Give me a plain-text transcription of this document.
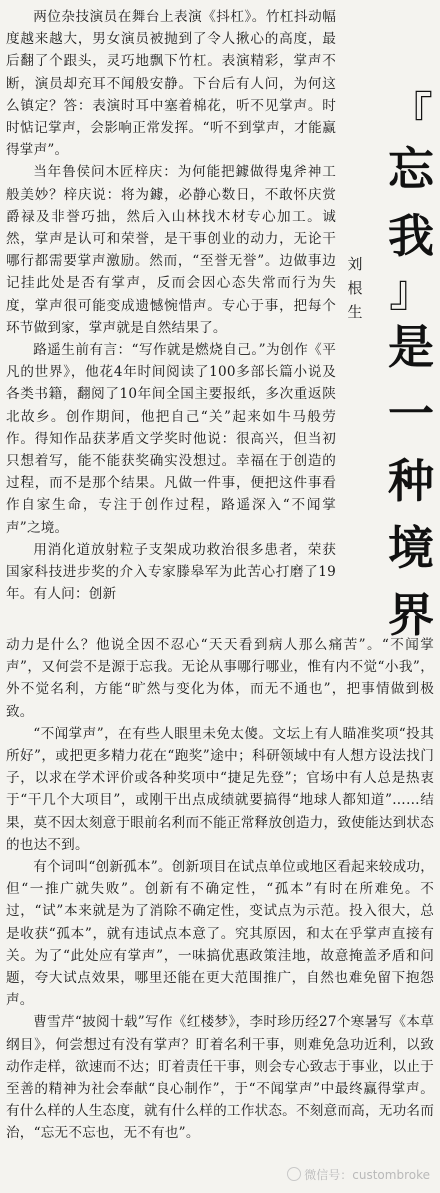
两位杂技演员在舞台上表演《抖杠》。竹杠抖动幅度越来越大，男女演员被抛到了令人揪心的高度，最后翻了个跟头，灵巧地飘下竹杠。表演精彩，掌声不断，演员却充耳不闻般安静。下台后有人问，为何这么镇定？答：表演时耳中塞着棉花，听不见掌声。时时惦记掌声，会影响正常发挥。“听不到掌声，才能赢得掌声”。

当年鲁侯问木匠梓庆：为何能把鐻做得鬼斧神工般美妙？梓庆说：将为鐻，必静心数日，不敢怀庆赏爵禄及非誉巧拙，然后入山林找木材专心加工。诚然，掌声是认可和荣誉，是干事创业的动力，无论干哪行都需要掌声激励。然而，“至誉无誉”。边做事边记挂此处是否有掌声，反而会因心态失常而行为失度，掌声很可能变成遗憾惋惜声。专心于事，把每个环节做到家，掌声就是自然结果了。

路遥生前有言：“写作就是燃烧自己。”为创作《平凡的世界》，他花4年时间阅读了100多部长篇小说及各类书籍，翻阅了10年间全国主要报纸，多次重返陕北故乡。创作期间，他把自己“关”起来如牛马般劳作。得知作品获茅盾文学奖时他说：很高兴，但当初只想着写，能不能获奖确实没想过。幸福在于创造的过程，而不是那个结果。凡做一件事，便把这件事看作自家生命，专注于创作过程，路遥深入“不闻掌声”之境。

用消化道放射粒子支架成功救治很多患者，荣获国家科技进步奖的介入专家滕皋军为此苦心打磨了19年。有人问：创新

『
忘我
』
是一种境界
刘根生

动力是什么？他说全因不忍心“天天看到病人那么痛苦”。“不闻掌声”，又何尝不是源于忘我。无论从事哪行哪业，惟有内不觉“小我”，外不觉名利，方能“旷然与变化为体，而无不通也”，把事情做到极致。

“不闻掌声”，在有些人眼里未免太傻。文坛上有人瞄准奖项“投其所好”，或把更多精力花在“跑奖”途中；科研领域中有人想方设法找门子，以求在学术评价或各种奖项中“捷足先登”；官场中有人总是热衷于“干几个大项目”，或刚干出点成绩就要搞得“地球人都知道”……结果，莫不因太刻意于眼前名利而不能正常释放创造力，致使能达到状态的也达不到。

有个词叫“创新孤本”。创新项目在试点单位或地区看起来较成功，但“一推广就失败”。创新有不确定性，“孤本”有时在所难免。不过，“试”本来就是为了消除不确定性，变试点为示范。投入很大，总是收获“孤本”，就有违试点本意了。究其原因，和太在乎掌声直接有关。为了“此处应有掌声”，一味搞优惠政策洼地，故意掩盖矛盾和问题，夸大试点效果，哪里还能在更大范围推广，自然也难免留下抱怨声。

曹雪芹“披阅十载”写作《红楼梦》，李时珍历经27个寒暑写《本草纲目》，何尝想过有没有掌声？盯着名利干事，则难免急功近利，以致动作走样，欲速而不达；盯着责任干事，则会专心致志于事业，以止于至善的精神为社会奉献“良心制作”，于“不闻掌声”中最终赢得掌声。有什么样的人生态度，就有什么样的工作状态。不刻意而高，无功名而治，“忘无不忘也，无不有也”。

微信号：custombroke
